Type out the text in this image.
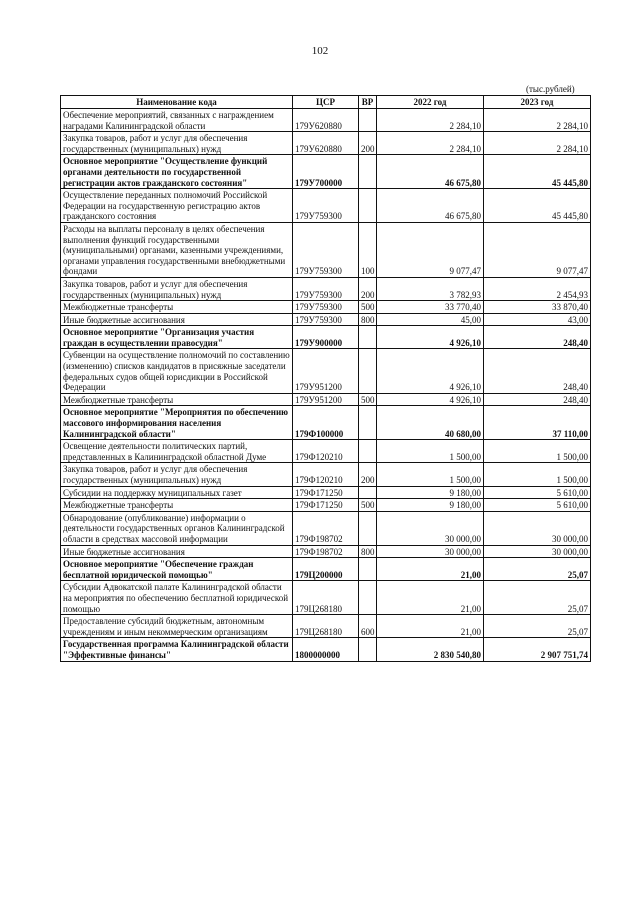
102
(тыс.рублей)
Наименование кода	ЦСР	ВР	2022 год	2023 год
Обеспечение мероприятий, связанных с награждением наградами Калининградской области	179У620880		2 284,10	2 284,10
Закупка товаров, работ и услуг для обеспечения государственных (муниципальных) нужд	179У620880	200	2 284,10	2 284,10
Основное мероприятие "Осуществление функций органами деятельности по государственной регистрации актов гражданского состояния"	179У700000		46 675,80	45 445,80
Осуществление переданных полномочий Российской Федерации на государственную регистрацию актов гражданского состояния	179У759300		46 675,80	45 445,80
Расходы на выплаты персоналу в целях обеспечения выполнения функций государственными (муниципальными) органами, казенными учреждениями, органами управления государственными внебюджетными фондами	179У759300	100	9 077,47	9 077,47
Закупка товаров, работ и услуг для обеспечения государственных (муниципальных) нужд	179У759300	200	3 782,93	2 454,93
Межбюджетные трансферты	179У759300	500	33 770,40	33 870,40
Иные бюджетные ассигнования	179У759300	800	45,00	43,00
Основное мероприятие "Организация участия граждан в осуществлении правосудия"	179У900000		4 926,10	248,40
Субвенции на осуществление полномочий по составлению (изменению) списков кандидатов в присяжные заседатели федеральных судов общей юрисдикции в Российской Федерации	179У951200		4 926,10	248,40
Межбюджетные трансферты	179У951200	500	4 926,10	248,40
Основное мероприятие "Мероприятия по обеспечению массового информирования населения Калининградской области"	179Ф100000		40 680,00	37 110,00
Освещение деятельности политических партий, представленных в Калининградской областной Думе	179Ф120210		1 500,00	1 500,00
Закупка товаров, работ и услуг для обеспечения государственных (муниципальных) нужд	179Ф120210	200	1 500,00	1 500,00
Субсидии на поддержку муниципальных газет	179Ф171250		9 180,00	5 610,00
Межбюджетные трансферты	179Ф171250	500	9 180,00	5 610,00
Обнародование (опубликование) информации о деятельности государственных органов Калининградской области в средствах массовой информации	179Ф198702		30 000,00	30 000,00
Иные бюджетные ассигнования	179Ф198702	800	30 000,00	30 000,00
Основное мероприятие "Обеспечение граждан бесплатной юридической помощью"	179Ц200000		21,00	25,07
Субсидии Адвокатской палате Калининградской области на мероприятия по обеспечению бесплатной юридической помощью	179Ц268180		21,00	25,07
Предоставление субсидий бюджетным, автономным учреждениям и иным некоммерческим организациям	179Ц268180	600	21,00	25,07
Государственная программа Калининградской области "Эффективные финансы"	1800000000		2 830 540,80	2 907 751,74
